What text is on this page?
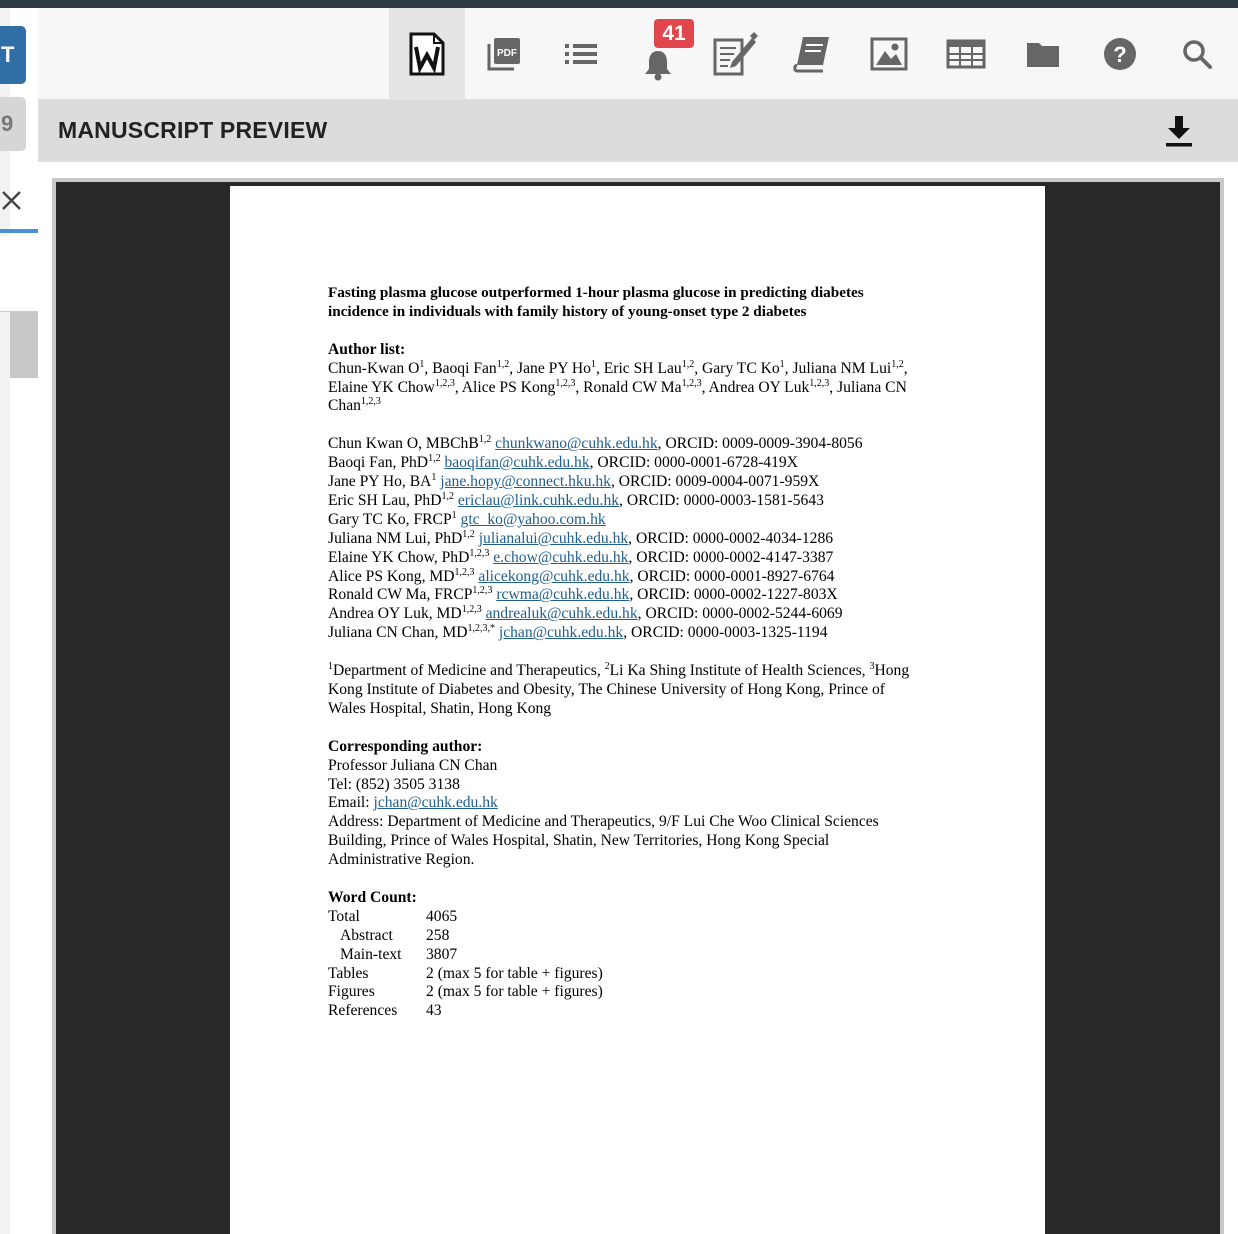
T
9
PDF
41
?
MANUSCRIPT PREVIEW
Fasting plasma glucose outperformed 1-hour plasma glucose in predicting diabetes
incidence in individuals with family history of young-onset type 2 diabetes
Author list:
Chun-Kwan $O^1$, Baoqi Fan$^{1,2}$, Jane PY Ho$^1$, Eric SH Lau$^{1,2}$, Gary TC Ko$^1$, Juliana NM Lui$^{1,2}$,
Elaine YK Chow$^{1,2,3}$, Alice PS Kong$^{1,2,3}$, Ronald CW Ma$^{1,2,3}$, Andrea OY Luk$^{1,2,3}$, Juliana CN
Chan$^{1,2,3}$
Chun Kwan O, MBChB$^{1,2}$ chunkwano@cuhk.edu.hk, ORCID: 0009-0009-3904-8056
Baoqi Fan, PhD$^{1,2}$ baoqifan@cuhk.edu.hk, ORCID: 0000-0001-6728-419X
Jane PY Ho, $BA^1$ jane.hopy@connect.hku.hk, ORCID: 0009-0004-0071-959X
Eric SH Lau, PhD$^{1,2}$ ericlau@link.cuhk.edu.hk, ORCID: 0000-0003-1581-5643
Gary TC Ko, FRCP$^1$ gtc_ko@yahoo.com.hk
Juliana NM Lui, PhD$^{1,2}$ julianalui@cuhk.edu.hk, ORCID: 0000-0002-4034-1286
Elaine YK Chow, PhD$^{1,2,3}$ e.chow@cuhk.edu.hk, ORCID: 0000-0002-4147-3387
Alice PS Kong, MD$^{1,2,3}$ alicekong@cuhk.edu.hk, ORCID: 0000-0001-8927-6764
Ronald CW Ma, FRCP$^{1,2,3}$ rcwma@cuhk.edu.hk, ORCID: 0000-0002-1227-803X
Andrea OY Luk, MD$^{1,2,3}$ andrealuk@cuhk.edu.hk, ORCID: 0000-0002-5244-6069
Juliana CN Chan, $MD^{1,2,3,*}$ jchan@cuhk.edu.hk, ORCID: 0000-0003-1325-1194
$^1$Department of Medicine and Therapeutics, $^2$Li Ka Shing Institute of Health Sciences, $^3$Hong
Kong Institute of Diabetes and Obesity, The Chinese University of Hong Kong, Prince of
Wales Hospital, Shatin, Hong Kong
Corresponding author:
Professor Juliana CN Chan
Tel: (852) 3505 3138
Email: jchan@cuhk.edu.hk
Address: Department of Medicine and Therapeutics, 9/F Lui Che Woo Clinical Sciences
Building, Prince of Wales Hospital, Shatin, New Territories, Hong Kong Special
Administrative Region.
Word Count:
Total	4065
Abstract	258
Main-text	3807
Tables	2 (max 5 for table + figures)
Figures	2 (max 5 for table + figures)
References	43
